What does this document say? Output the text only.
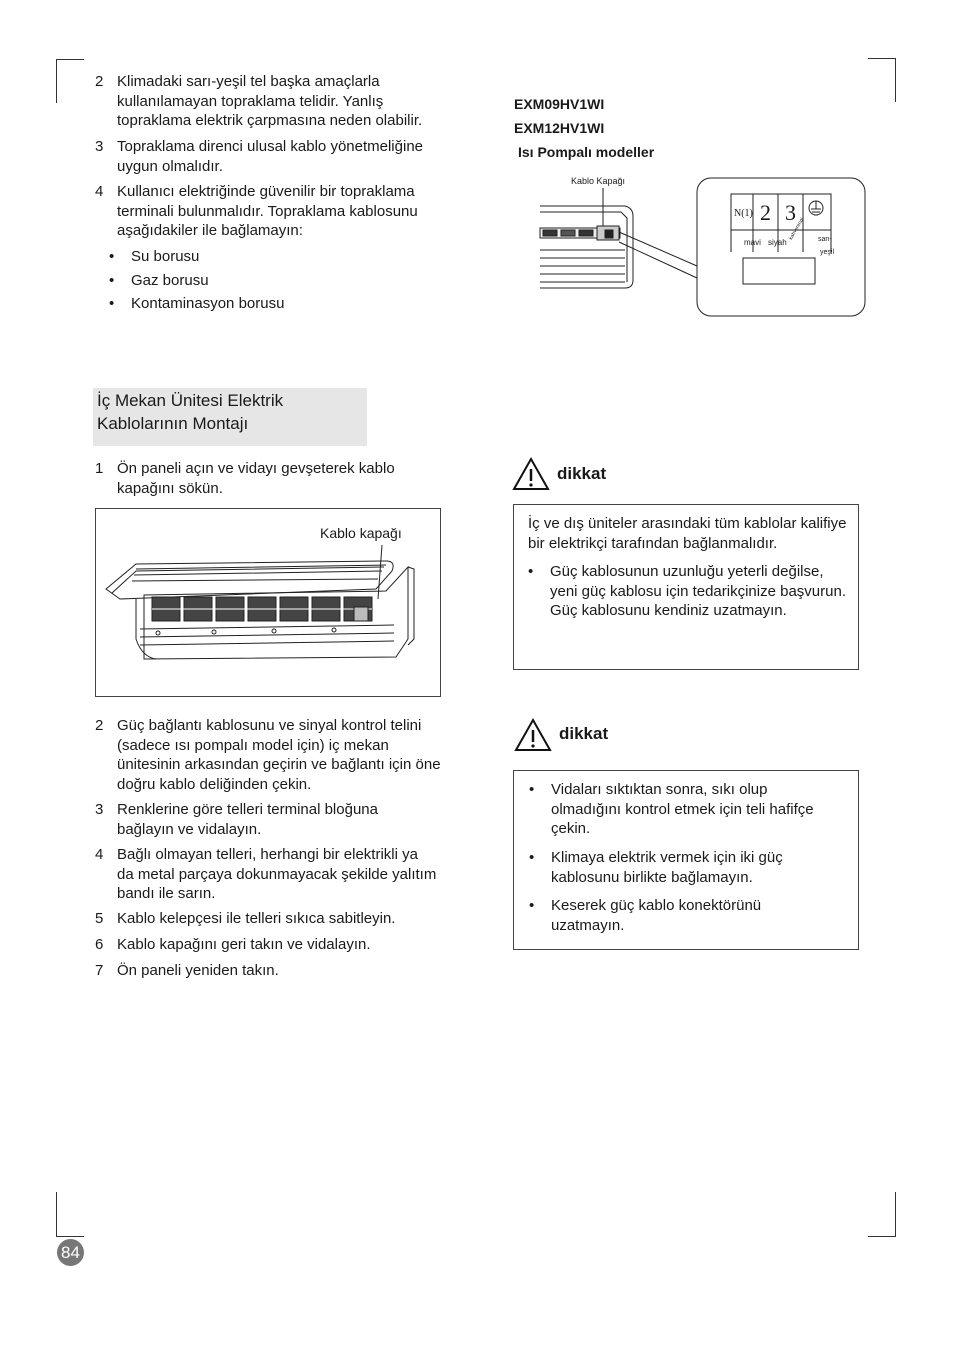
2 Klimadaki sarı-yeşil tel başka amaçlarla kullanılamayan topraklama telidir. Yanlış topraklama elektrik çarpmasına neden olabilir.
3 Topraklama direnci ulusal kablo yönetmeliğine uygun olmalıdır.
4 Kullanıcı elektriğinde güvenilir bir topraklama terminali bulunmalıdır. Topraklama kablosunu aşağıdakiler ile bağlamayın:
• Su borusu
• Gaz borusu
• Kontaminasyon borusu
EXM09HV1WI
EXM12HV1WI
Isı Pompalı modeller
Kablo Kapağı
N(1) 2 3
mavi siyah
kahverengi sarı-
yeşil
İç Mekan Ünitesi Elektrik
Kablolarının Montajı
1 Ön paneli açın ve vidayı gevşeterek kablo kapağını sökün.
Kablo kapağı
2 Güç bağlantı kablosunu ve sinyal kontrol telini (sadece ısı pompalı model için) iç mekan ünitesinin arkasından geçirin ve bağlantı için öne doğru kablo deliğinden çekin.
3 Renklerine göre telleri terminal bloğuna bağlayın ve vidalayın.
4 Bağlı olmayan telleri, herhangi bir elektrikli ya da metal parçaya dokunmayacak şekilde yalıtım bandı ile sarın.
5 Kablo kelepçesi ile telleri sıkıca sabitleyin.
6 Kablo kapağını geri takın ve vidalayın.
7 Ön paneli yeniden takın.
dikkat
İç ve dış üniteler arasındaki tüm kablolar kalifiye bir elektrikçi tarafından bağlanmalıdır.
• Güç kablosunun uzunluğu yeterli değilse, yeni güç kablosu için tedarikçinize başvurun. Güç kablosunu kendiniz uzatmayın.
dikkat
• Vidaları sıktıktan sonra, sıkı olup olmadığını kontrol etmek için teli hafifçe çekin.
• Klimaya elektrik vermek için iki güç kablosunu birlikte bağlamayın.
• Keserek güç kablo konektörünü uzatmayın.
84
